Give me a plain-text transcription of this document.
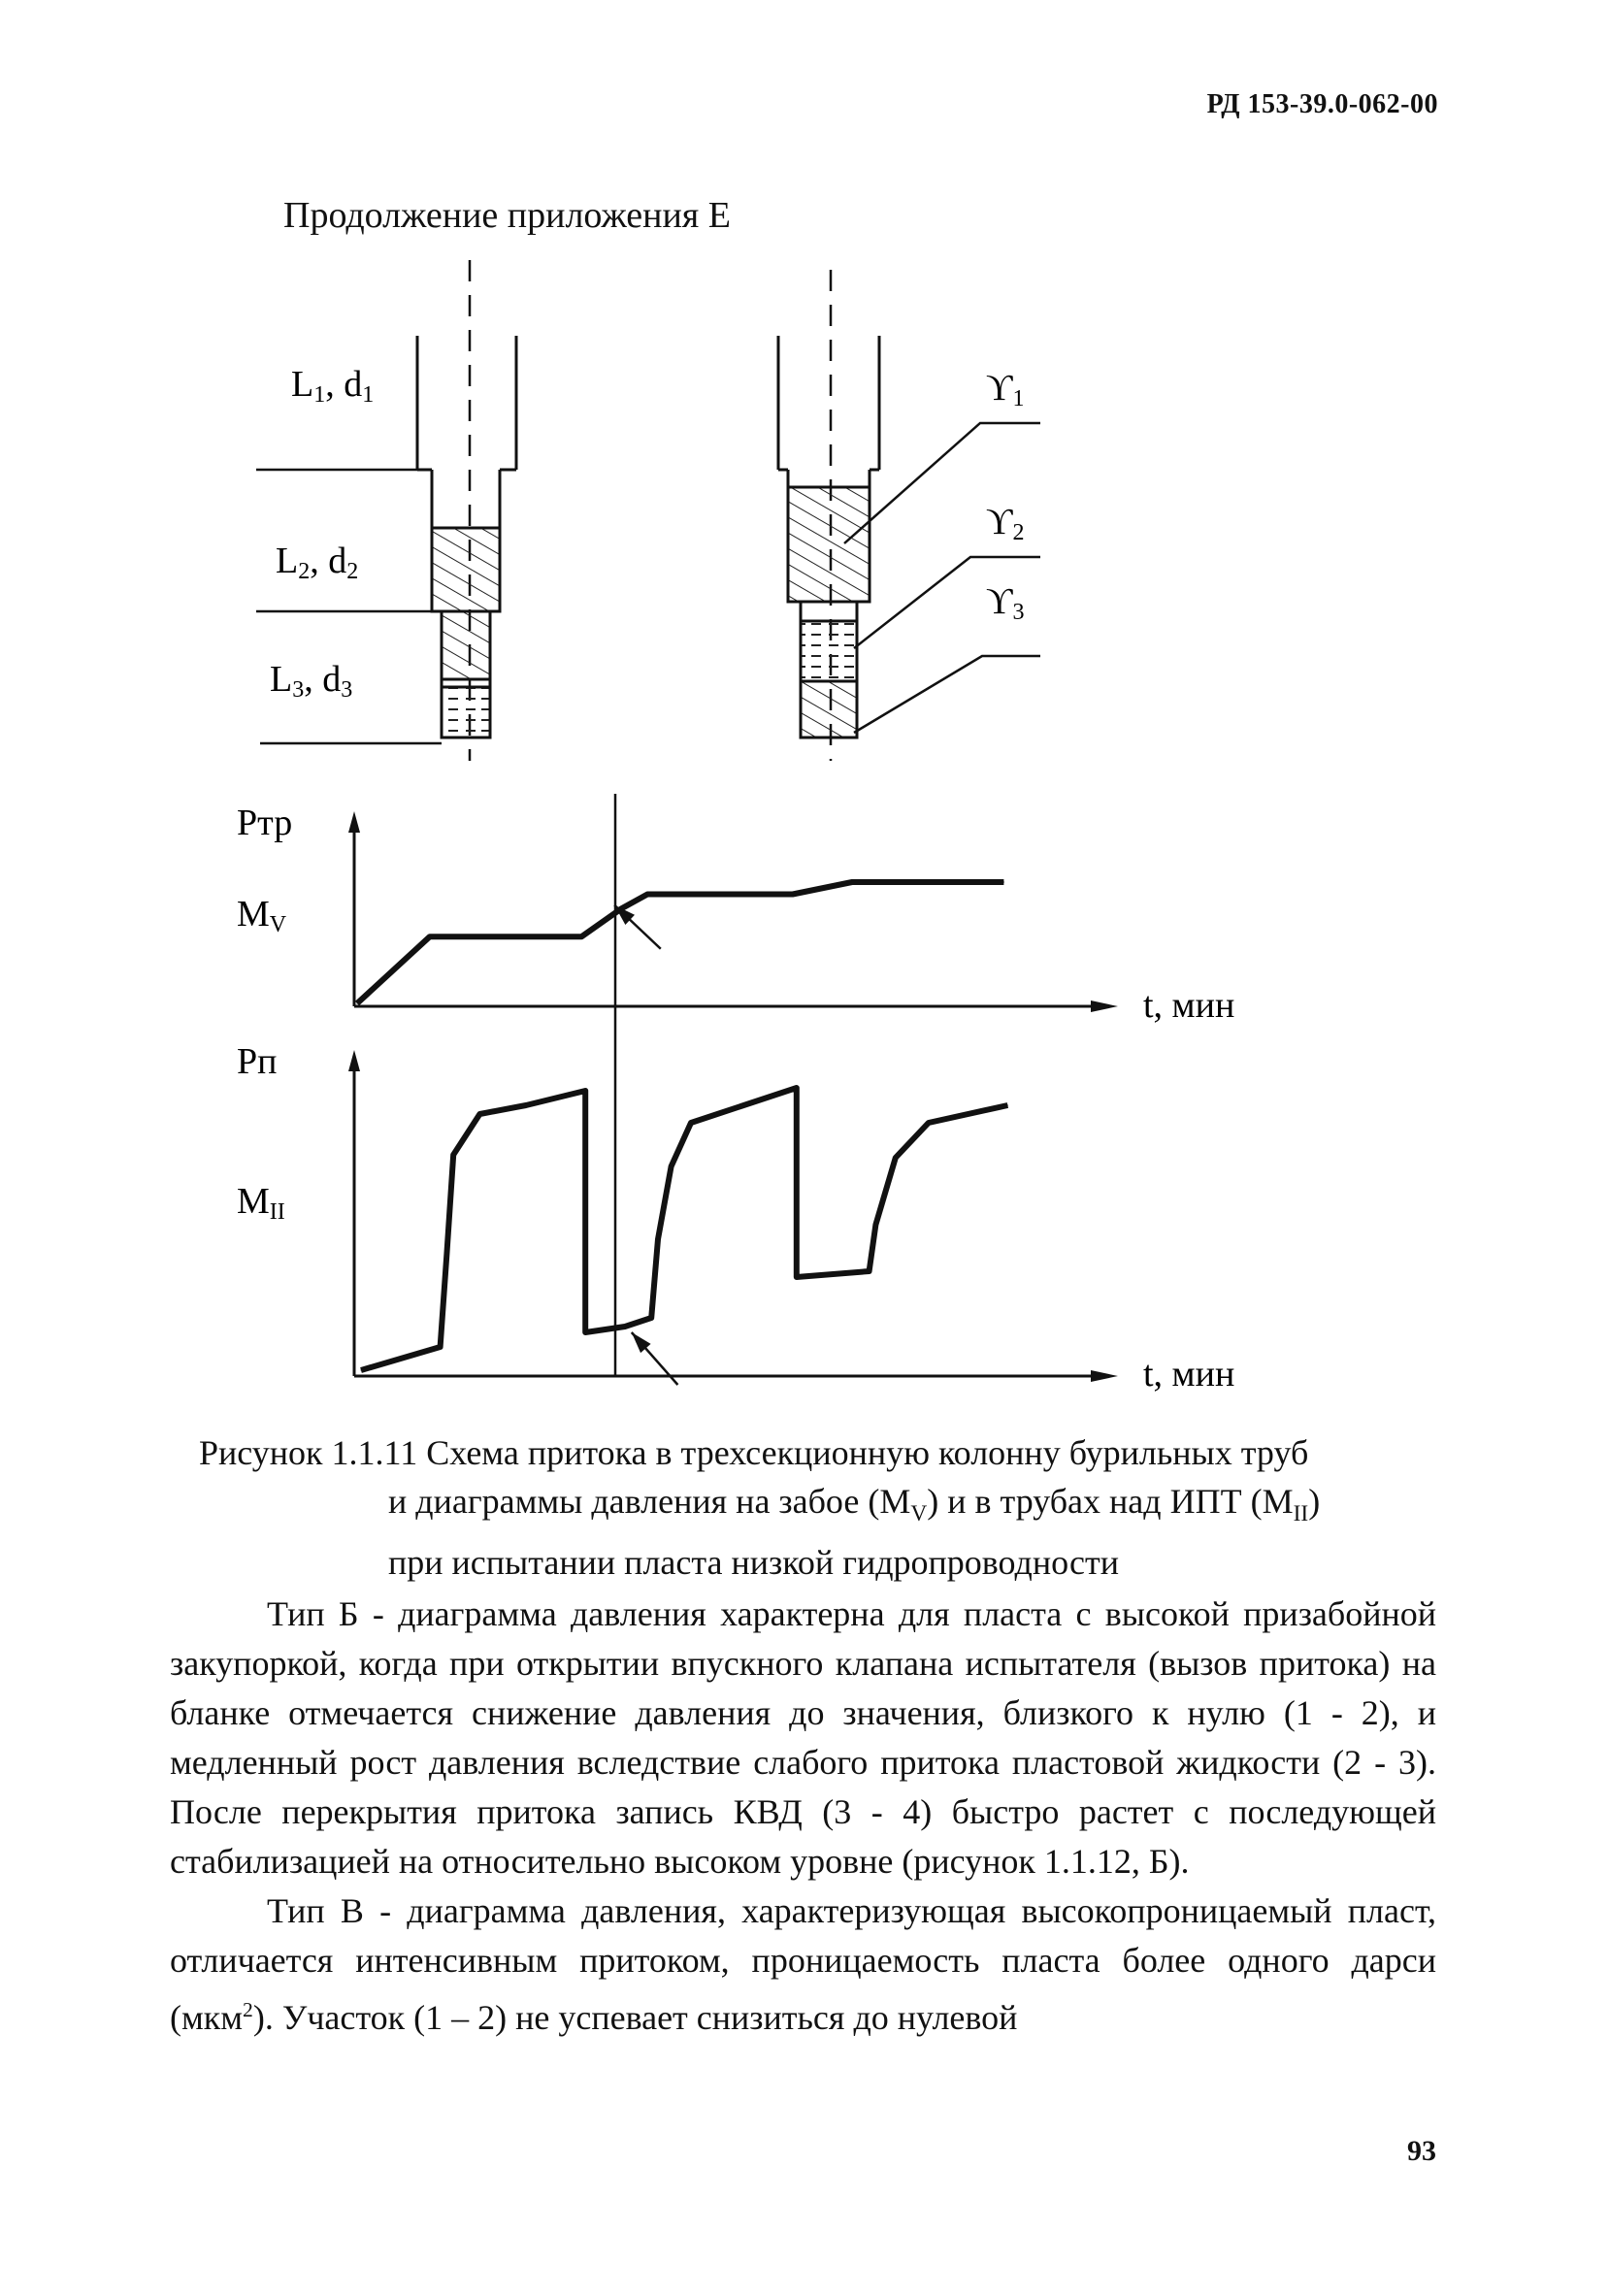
РД 153-39.0-062-00
Продолжение приложения Е
L1, d1
L2, d2
L3, d3
ϒ1
ϒ2
ϒ3
Ртр
МV
t, мин
Рп
МII
t, мин
Рисунок 1.1.11 Схема притока в трехсекционную колонну бурильных труб
и диаграммы давления на забое $(М_V)$ и в трубах над ИПТ $(М_{II})$
при испытании пласта низкой гидропроводности

Тип Б - диаграмма давления характерна для пласта с высокой призабойной закупоркой, когда при открытии впускного клапана испытателя (вызов притока) на бланке отмечается снижение давления до значения, близкого к нулю (1 - 2), и медленный рост давления вследствие слабого притока пластовой жидкости (2 - 3). После перекрытия притока запись КВД (3 - 4) быстро растет с последующей стабилизацией на относительно высоком уровне (рисунок 1.1.12, Б).

Тип В - диаграмма давления, характеризующая высокопроницаемый пласт, отличается интенсивным притоком, проницаемость пласта более одного дарси (мкм$^2$). Участок (1 – 2) не успевает снизиться до нулевой

93
